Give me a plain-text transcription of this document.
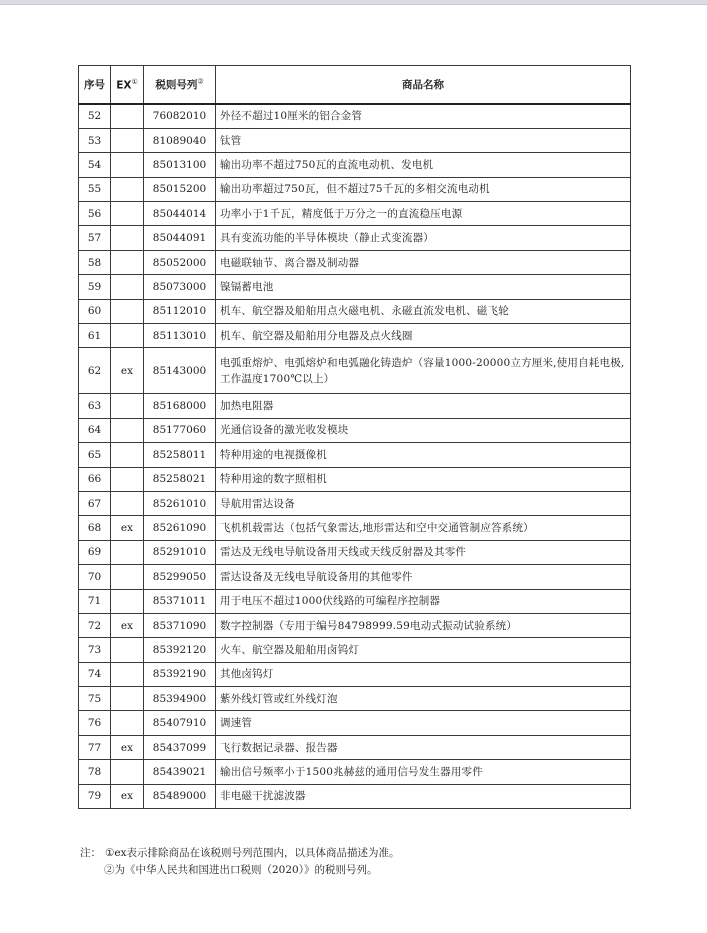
序号	EX①	税则号列②	商品名称
52		76082010	外径不超过10厘米的铝合金管
53		81089040	钛管
54		85013100	输出功率不超过750瓦的直流电动机、发电机
55		85015200	输出功率超过750瓦，但不超过75千瓦的多相交流电动机
56		85044014	功率小于1千瓦，精度低于万分之一的直流稳压电源
57		85044091	具有变流功能的半导体模块（静止式变流器）
58		85052000	电磁联轴节、离合器及制动器
59		85073000	镍镉蓄电池
60		85112010	机车、航空器及船舶用点火磁电机、永磁直流发电机、磁飞轮
61		85113010	机车、航空器及船舶用分电器及点火线圈
62	ex	85143000	电弧重熔炉、电弧熔炉和电弧融化铸造炉（容量1000-20000立方厘米,使用自耗电极,工作温度1700℃以上）
63		85168000	加热电阻器
64		85177060	光通信设备的激光收发模块
65		85258011	特种用途的电视摄像机
66		85258021	特种用途的数字照相机
67		85261010	导航用雷达设备
68	ex	85261090	飞机机载雷达（包括气象雷达,地形雷达和空中交通管制应答系统）
69		85291010	雷达及无线电导航设备用天线或天线反射器及其零件
70		85299050	雷达设备及无线电导航设备用的其他零件
71		85371011	用于电压不超过1000伏线路的可编程序控制器
72	ex	85371090	数字控制器（专用于编号84798999.59电动式振动试验系统）
73		85392120	火车、航空器及船舶用卤钨灯
74		85392190	其他卤钨灯
75		85394900	紫外线灯管或红外线灯泡
76		85407910	调速管
77	ex	85437099	飞行数据记录器、报告器
78		85439021	输出信号频率小于1500兆赫兹的通用信号发生器用零件
79	ex	85489000	非电磁干扰滤波器
注： ①ex表示排除商品在该税则号列范围内，以具体商品描述为准。
②为《中华人民共和国进出口税则（2020）》的税则号列。
